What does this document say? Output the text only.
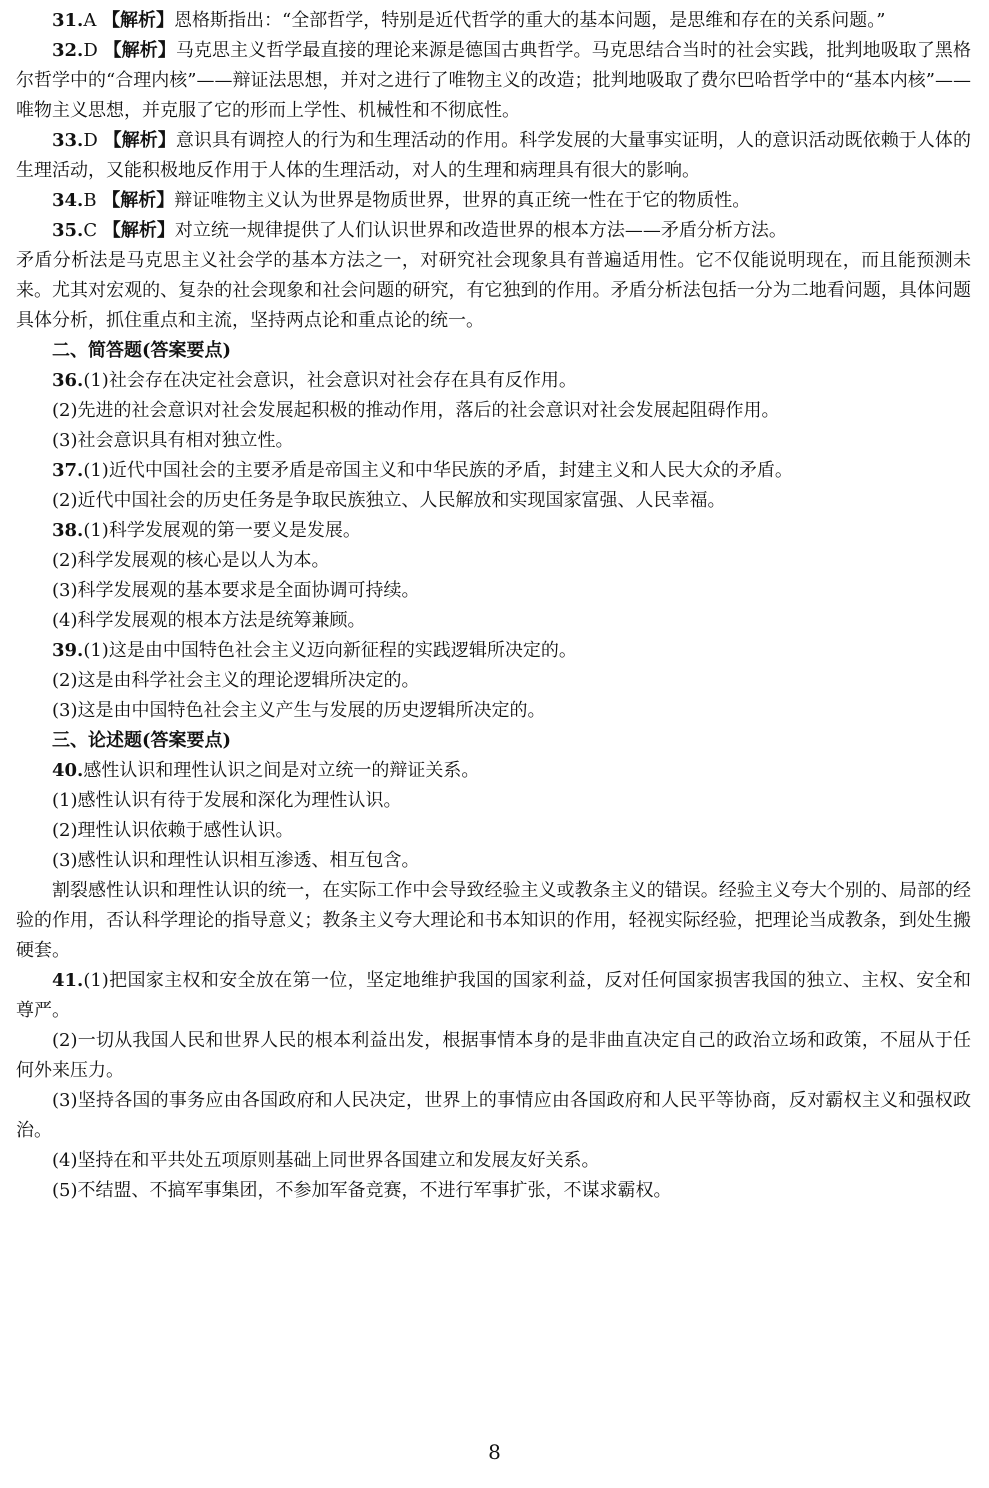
31.A 【解析】恩格斯指出：“全部哲学，特别是近代哲学的重大的基本问题，是思维和存在的关系问题。”

32.D 【解析】马克思主义哲学最直接的理论来源是德国古典哲学。马克思结合当时的社会实践，批判地吸取了黑格尔哲学中的“合理内核”——辩证法思想，并对之进行了唯物主义的改造；批判地吸取了费尔巴哈哲学中的“基本内核”——唯物主义思想，并克服了它的形而上学性、机械性和不彻底性。

33.D 【解析】意识具有调控人的行为和生理活动的作用。科学发展的大量事实证明，人的意识活动既依赖于人体的生理活动，又能积极地反作用于人体的生理活动，对人的生理和病理具有很大的影响。

34.B 【解析】辩证唯物主义认为世界是物质世界，世界的真正统一性在于它的物质性。

35.C 【解析】对立统一规律提供了人们认识世界和改造世界的根本方法——矛盾分析方法。

矛盾分析法是马克思主义社会学的基本方法之一，对研究社会现象具有普遍适用性。它不仅能说明现在，而且能预测未来。尤其对宏观的、复杂的社会现象和社会问题的研究，有它独到的作用。矛盾分析法包括一分为二地看问题，具体问题具体分析，抓住重点和主流，坚持两点论和重点论的统一。

二、简答题(答案要点)

36.(1)社会存在决定社会意识，社会意识对社会存在具有反作用。

(2)先进的社会意识对社会发展起积极的推动作用，落后的社会意识对社会发展起阻碍作用。

(3)社会意识具有相对独立性。

37.(1)近代中国社会的主要矛盾是帝国主义和中华民族的矛盾，封建主义和人民大众的矛盾。

(2)近代中国社会的历史任务是争取民族独立、人民解放和实现国家富强、人民幸福。

38.(1)科学发展观的第一要义是发展。

(2)科学发展观的核心是以人为本。

(3)科学发展观的基本要求是全面协调可持续。

(4)科学发展观的根本方法是统筹兼顾。

39.(1)这是由中国特色社会主义迈向新征程的实践逻辑所决定的。

(2)这是由科学社会主义的理论逻辑所决定的。

(3)这是由中国特色社会主义产生与发展的历史逻辑所决定的。

三、论述题(答案要点)

40.感性认识和理性认识之间是对立统一的辩证关系。

(1)感性认识有待于发展和深化为理性认识。

(2)理性认识依赖于感性认识。

(3)感性认识和理性认识相互渗透、相互包含。

割裂感性认识和理性认识的统一，在实际工作中会导致经验主义或教条主义的错误。经验主义夸大个别的、局部的经验的作用，否认科学理论的指导意义；教条主义夸大理论和书本知识的作用，轻视实际经验，把理论当成教条，到处生搬硬套。

41.(1)把国家主权和安全放在第一位，坚定地维护我国的国家利益，反对任何国家损害我国的独立、主权、安全和尊严。

(2)一切从我国人民和世界人民的根本利益出发，根据事情本身的是非曲直决定自己的政治立场和政策，不屈从于任何外来压力。

(3)坚持各国的事务应由各国政府和人民决定，世界上的事情应由各国政府和人民平等协商，反对霸权主义和强权政治。

(4)坚持在和平共处五项原则基础上同世界各国建立和发展友好关系。

(5)不结盟、不搞军事集团，不参加军备竞赛，不进行军事扩张，不谋求霸权。

8
